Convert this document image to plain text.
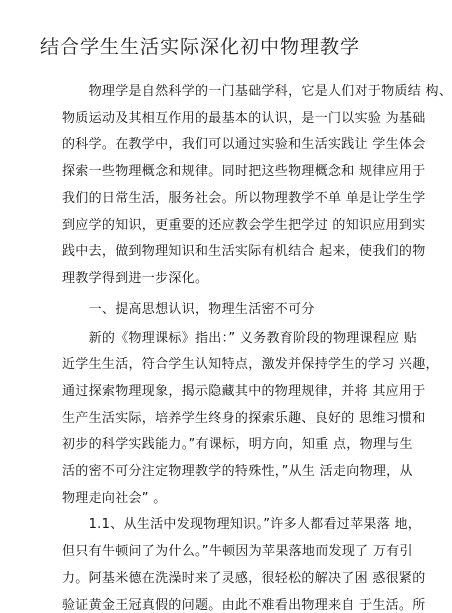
结合学生生活实际深化初中物理教学
　　物理学是自然科学的一门基础学科，它是人们对于物质结 构、
物质运动及其相互作用的最基本的认识，是一门以实验 为基础
的科学。在教学中，我们可以通过实验和生活实践让 学生体会
探索一些物理概念和规律。同时把这些物理概念和 规律应用于
我们的日常生活，服务社会。所以物理教学不单 单是让学生学
到应学的知识，更重要的还应教会学生把学过 的知识应用到实
践中去，做到物理知识和生活实际有机结合 起来，使我们的物
理教学得到进一步深化。
　　一、提高思想认识，物理生活密不可分
　　新的《物理课标》指出：” 义务教育阶段的物理课程应 贴
近学生生活，符合学生认知特点，激发并保持学生的学习 兴趣，
通过探索物理现象，揭示隐藏其中的物理规律，并将 其应用于
生产生活实际，培养学生终身的探索乐趣、良好的 思维习惯和
初步的科学实践能力。”有课标，明方向，知重 点，物理与生
活的密不可分注定物理教学的特殊性，”从生 活走向物理，从
物理走向社会” 。
　　1.1、从生活中发现物理知识。”许多人都看过苹果落 地，
但只有牛顿问了为什么。”牛顿因为苹果落地而发现了 万有引
力。阿基米德在洗澡时来了灵感，很轻松的解决了困 惑很紧的
验证黄金王冠真假的问题。由此不难看出物理来自 于生活。所
